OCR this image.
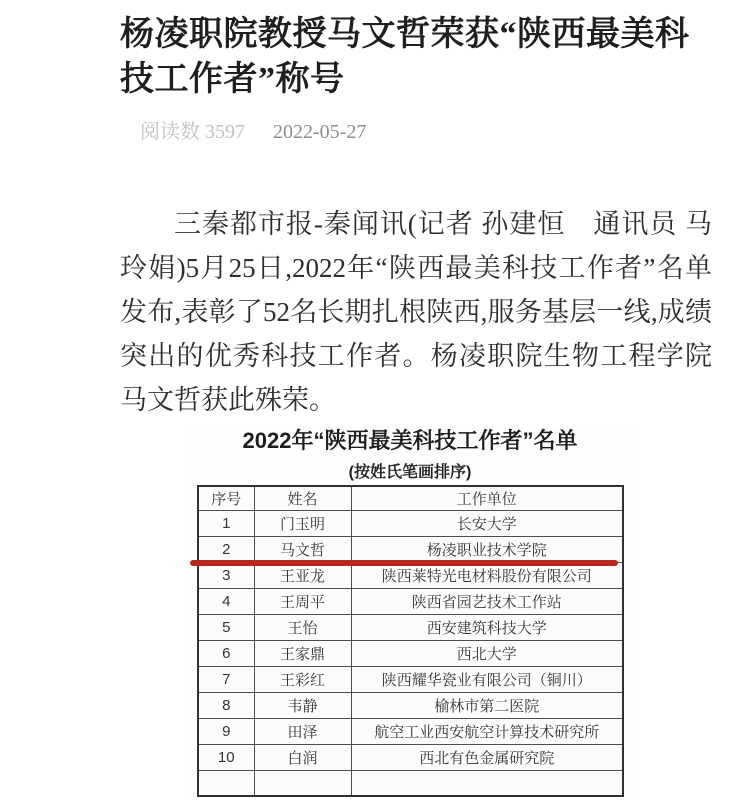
杨凌职院教授马文哲荣获“陕西最美科技工作者”称号
阅读数 3597 2022-05-27

三秦都市报-秦闻讯(记者 孙建恒　通讯员 马玲娟)5月25日,2022年“陕西最美科技工作者”名单发布,表彰了52名长期扎根陕西,服务基层一线,成绩突出的优秀科技工作者。杨凌职院生物工程学院马文哲获此殊荣。

2022年“陕西最美科技工作者”名单
(按姓氏笔画排序)
序号	姓名	工作单位
1	门玉明	长安大学
2	马文哲	杨凌职业技术学院
3	王亚龙	陕西莱特光电材料股份有限公司
4	王周平	陕西省园艺技术工作站
5	王怡	西安建筑科技大学
6	王家鼎	西北大学
7	王彩红	陕西耀华瓷业有限公司（铜川）
8	韦静	榆林市第二医院
9	田泽	航空工业西安航空计算技术研究所
10	白润	西北有色金属研究院
